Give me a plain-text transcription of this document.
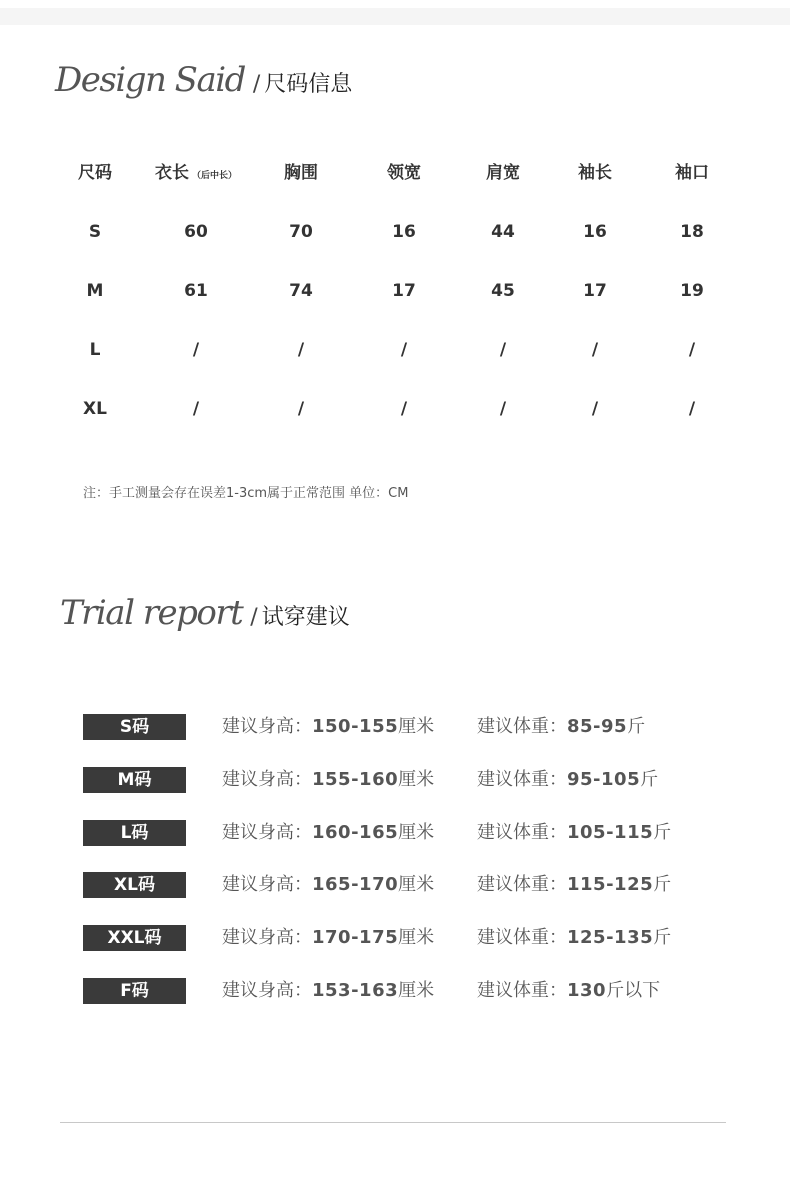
Design Said / 尺码信息
尺码	衣长 （后中长）	胸围	领宽	肩宽	袖长	袖口
S	60	70	16	44	16	18
M	61	74	17	45	17	19
L	/	/	/	/	/	/
XL	/	/	/	/	/	/
注：手工测量会存在误差1-3cm属于正常范围 单位：CM
Trial report / 试穿建议
S码	建议身高：150-155厘米 建议体重：85-95斤
M码	建议身高：155-160厘米 建议体重：95-105斤
L码	建议身高：160-165厘米 建议体重：105-115斤
XL码	建议身高：165-170厘米 建议体重：115-125斤
XXL码	建议身高：170-175厘米 建议体重：125-135斤
F码	建议身高：153-163厘米 建议体重：130斤以下
